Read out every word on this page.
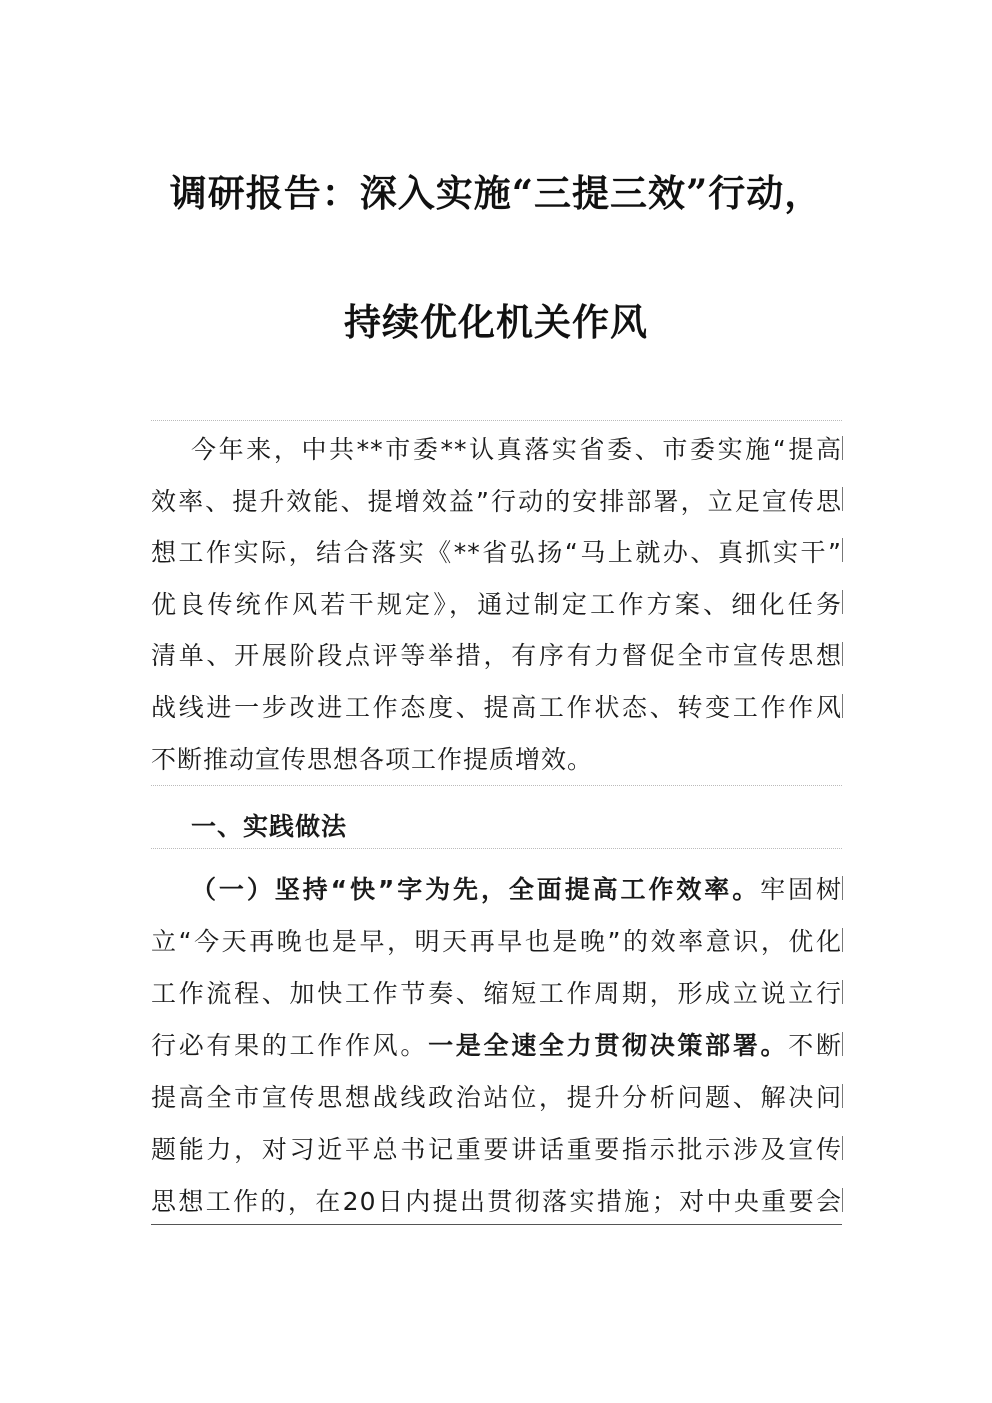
调研报告：深入实施“三提三效”行动，
持续优化机关作风
今年来，中共**市委**认真落实省委、市委实施“提高
效率、提升效能、提增效益”行动的安排部署，立足宣传思
想工作实际，结合落实《**省弘扬“马上就办、真抓实干”
优良传统作风若干规定》，通过制定工作方案、细化任务
清单、开展阶段点评等举措，有序有力督促全市宣传思想
战线进一步改进工作态度、提高工作状态、转变工作作风
不断推动宣传思想各项工作提质增效。
一、实践做法
（一）坚持“快”字为先，全面提高工作效率。牢固树
立“今天再晚也是早，明天再早也是晚”的效率意识，优化
工作流程、加快工作节奏、缩短工作周期，形成立说立行
行必有果的工作作风。一是全速全力贯彻决策部署。不断
提高全市宣传思想战线政治站位，提升分析问题、解决问
题能力，对习近平总书记重要讲话重要指示批示涉及宣传
思想工作的，在20日内提出贯彻落实措施；对中央重要会
